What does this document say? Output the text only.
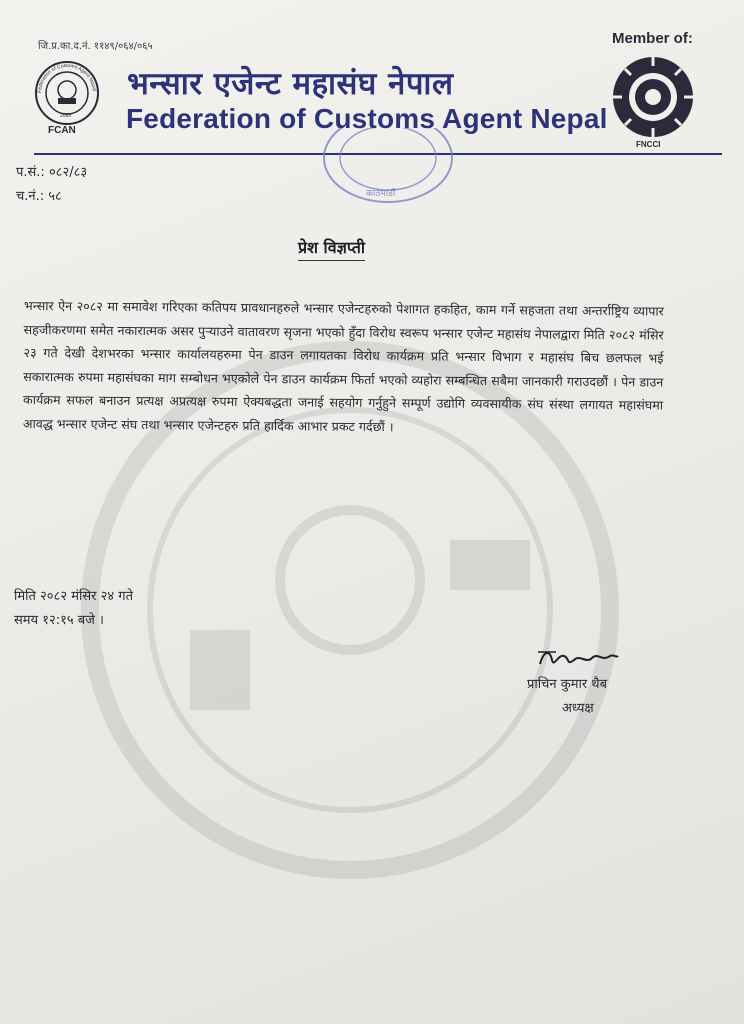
जि.प्र.का.द.नं. ११४९/०६४/०६५	Member of:
Federation of Customs Agent Nepal
2065
FCAN
भन्सार एजेन्ट महासंघ नेपाल
Federation of Customs Agent Nepal
FNCCI
काठमाडौं
प.सं.: ०८२/८३
च.नं.: ५८
प्रेश विज्ञप्ती
भन्सार ऐन २०८२ मा समावेश गरिएका कतिपय प्रावधानहरुले भन्सार एजेन्टहरुको पेशागत हकहित, काम गर्ने सहजता तथा अन्तर्राष्ट्रिय व्यापार सहजीकरणमा समेत नकारात्मक असर पुऱ्याउने वातावरण सृजना भएको हुँदा विरोध स्वरूप भन्सार एजेन्ट महासंघ नेपालद्वारा मिति २०८२ मंसिर २३ गते देखी देशभरका भन्सार कार्यालयहरुमा पेन डाउन लगायतका विरोध कार्यक्रम प्रति भन्सार विभाग र महासंघ बिच छलफल भई सकारात्मक रुपमा महासंघका माग सम्बोधन भएकोले पेन डाउन कार्यक्रम फिर्ता भएको व्यहोरा सम्बन्धित सबैमा जानकारी गराउदछौं । पेन डाउन कार्यक्रम सफल बनाउन प्रत्यक्ष अप्रत्यक्ष रुपमा ऐक्यबद्धता जनाई सहयोग गर्नुहुने सम्पूर्ण उद्योगि व्यवसायीक संघ संस्था लगायत महासंघमा आवद्ध भन्सार एजेन्ट संघ तथा भन्सार एजेन्टहरु प्रति हार्दिक आभार प्रकट गर्दछौं ।
मिति २०८२ मंसिर २४ गते
समय १२:१५ बजे ।
प्राचिन कुमार थैब
अध्यक्ष
